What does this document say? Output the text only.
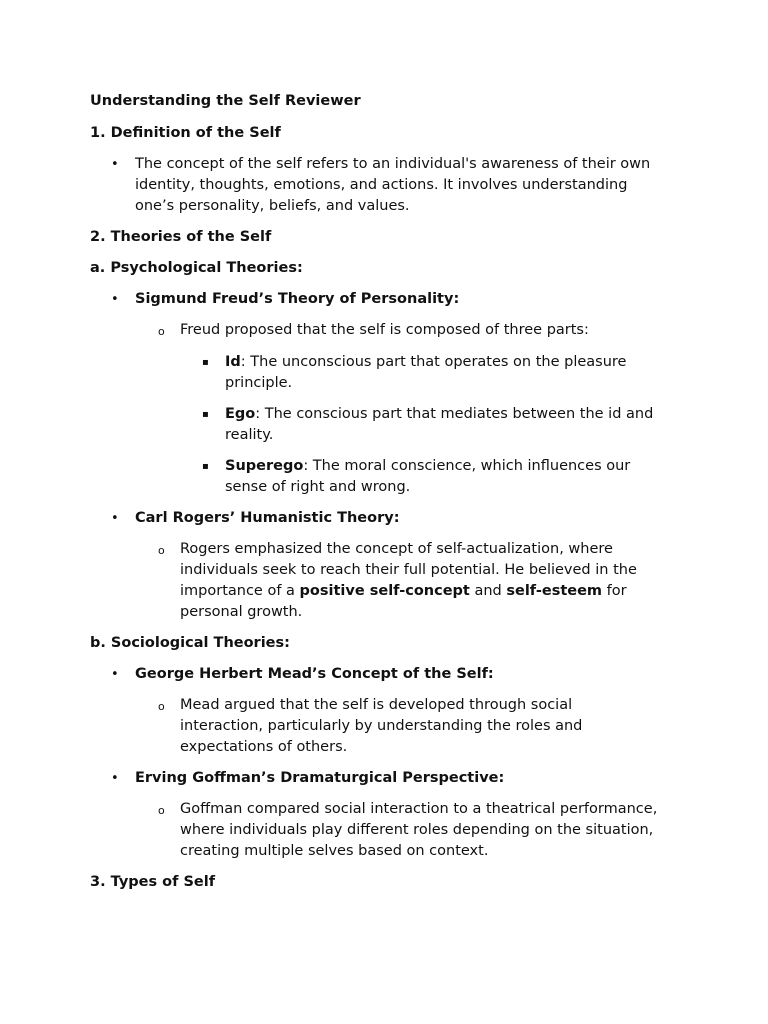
Understanding the Self Reviewer
1. Definition of the Self
• The concept of the self refers to an individual's awareness of their own
identity, thoughts, emotions, and actions. It involves understanding
one’s personality, beliefs, and values.
2. Theories of the Self
a. Psychological Theories:
• Sigmund Freud’s Theory of Personality:
o Freud proposed that the self is composed of three parts:
▪ Id: The unconscious part that operates on the pleasure
principle.
▪ Ego: The conscious part that mediates between the id and
reality.
▪ Superego: The moral conscience, which influences our
sense of right and wrong.
• Carl Rogers’ Humanistic Theory:
o Rogers emphasized the concept of self-actualization, where
individuals seek to reach their full potential. He believed in the
importance of a positive self-concept and self-esteem for
personal growth.
b. Sociological Theories:
• George Herbert Mead’s Concept of the Self:
o Mead argued that the self is developed through social
interaction, particularly by understanding the roles and
expectations of others.
• Erving Goffman’s Dramaturgical Perspective:
o Goffman compared social interaction to a theatrical performance,
where individuals play different roles depending on the situation,
creating multiple selves based on context.
3. Types of Self
